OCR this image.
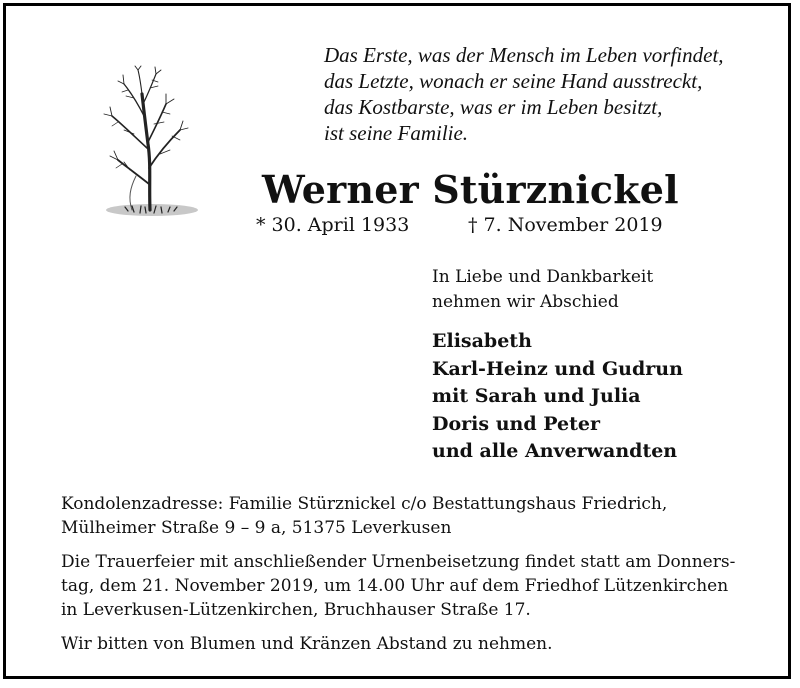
Das Erste, was der Mensch im Leben vorfindet,
das Letzte, wonach er seine Hand ausstreckt,
das Kostbarste, was er im Leben besitzt,
ist seine Familie.
Werner Stürznickel
* 30. April 1933	† 7. November 2019
In Liebe und Dankbarkeit
nehmen wir Abschied
Elisabeth
Karl-Heinz und Gudrun
mit Sarah und Julia
Doris und Peter
und alle Anverwandten
Kondolenzadresse: Familie Stürznickel c/o Bestattungshaus Friedrich,
Mülheimer Straße 9 – 9 a, 51375 Leverkusen
Die Trauerfeier mit anschließender Urnenbeisetzung findet statt am Donners-
tag, dem 21. November 2019, um 14.00 Uhr auf dem Friedhof Lützenkirchen
in Leverkusen-Lützenkirchen, Bruchhauser Straße 17.
Wir bitten von Blumen und Kränzen Abstand zu nehmen.
